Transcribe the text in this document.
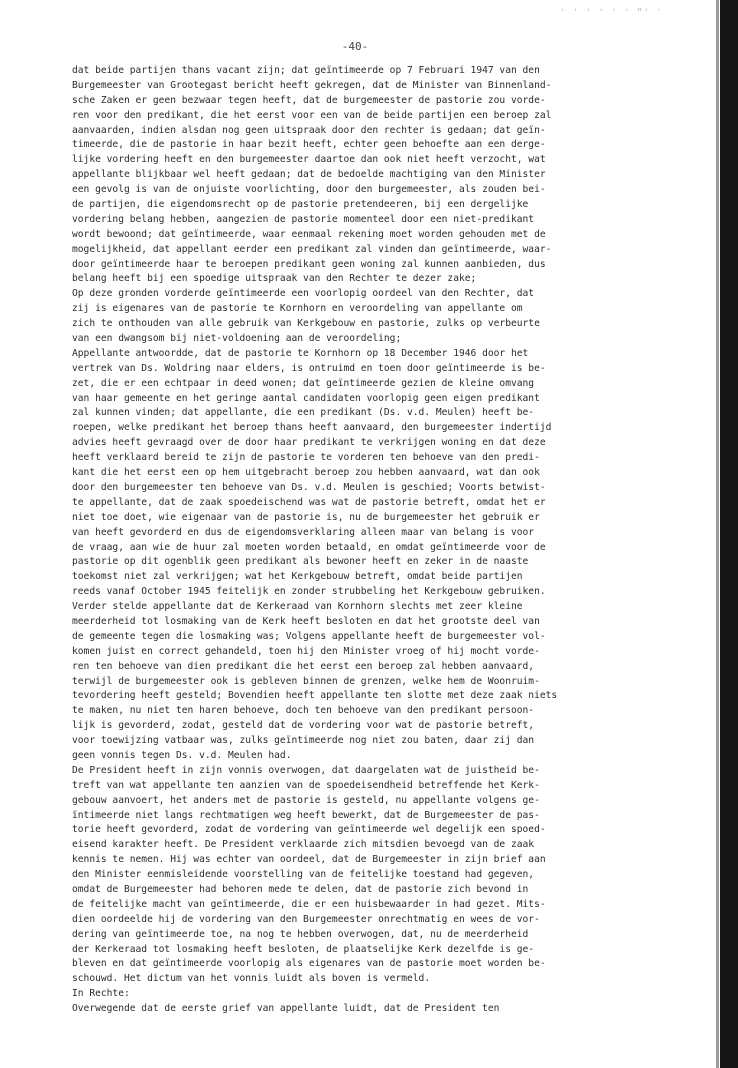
' ' ' ' ' ' “' '
-40-
dat beide partijen thans vacant zijn; dat geïntimeerde op 7 Februari 1947 van den
Burgemeester van Grootegast bericht heeft gekregen, dat de Minister van Binnenland-
sche Zaken er geen bezwaar tegen heeft, dat de burgemeester de pastorie zou vorde-
ren voor den predikant, die het eerst voor een van de beide partijen een beroep zal
aanvaarden, indien alsdan nog geen uitspraak door den rechter is gedaan; dat geïn-
timeerde, die de pastorie in haar bezit heeft, echter geen behoefte aan een derge-
lijke vordering heeft en den burgemeester daartoe dan ook niet heeft verzocht, wat
appellante blijkbaar wel heeft gedaan; dat de bedoelde machtiging van den Minister
een gevolg is van de onjuiste voorlichting, door den burgemeester, als zouden bei-
de partijen, die eigendomsrecht op de pastorie pretendeeren, bij een dergelijke
vordering belang hebben, aangezien de pastorie momenteel door een niet-predikant
wordt bewoond; dat geïntimeerde, waar eenmaal rekening moet worden gehouden met de
mogelijkheid, dat appellant eerder een predikant zal vinden dan geïntimeerde, waar-
door geïntimeerde haar te beroepen predikant geen woning zal kunnen aanbieden, dus
belang heeft bij een spoedige uitspraak van den Rechter te dezer zake;
Op deze gronden vorderde geïntimeerde een voorlopig oordeel van den Rechter, dat
zij is eigenares van de pastorie te Kornhorn en veroordeling van appellante om
zich te onthouden van alle gebruik van Kerkgebouw en pastorie, zulks op verbeurte
van een dwangsom bij niet-voldoening aan de veroordeling;
Appellante antwoordde, dat de pastorie te Kornhorn op 18 December 1946 door het
vertrek van Ds. Woldring naar elders, is ontruimd en toen door geïntimeerde is be-
zet, die er een echtpaar in deed wonen; dat geïntimeerde gezien de kleine omvang
van haar gemeente en het geringe aantal candidaten voorlopig geen eigen predikant
zal kunnen vinden; dat appellante, die een predikant (Ds. v.d. Meulen) heeft be-
roepen, welke predikant het beroep thans heeft aanvaard, den burgemeester indertijd
advies heeft gevraagd over de door haar predikant te verkrijgen woning en dat deze
heeft verklaard bereid te zijn de pastorie te vorderen ten behoeve van den predi-
kant die het eerst een op hem uitgebracht beroep zou hebben aanvaard, wat dan ook
door den burgemeester ten behoeve van Ds. v.d. Meulen is geschied; Voorts betwist-
te appellante, dat de zaak spoedeischend was wat de pastorie betreft, omdat het er
niet toe doet, wie eigenaar van de pastorie is, nu de burgemeester het gebruik er
van heeft gevorderd en dus de eigendomsverklaring alleen maar van belang is voor
de vraag, aan wie de huur zal moeten worden betaald, en omdat geïntimeerde voor de
pastorie op dit ogenblik geen predikant als bewoner heeft en zeker in de naaste
toekomst niet zal verkrijgen; wat het Kerkgebouw betreft, omdat beide partijen
reeds vanaf October 1945 feitelijk en zonder strubbeling het Kerkgebouw gebruiken.
Verder stelde appellante dat de Kerkeraad van Kornhorn slechts met zeer kleine
meerderheid tot losmaking van de Kerk heeft besloten en dat het grootste deel van
de gemeente tegen die losmaking was; Volgens appellante heeft de burgemeester vol-
komen juist en correct gehandeld, toen hij den Minister vroeg of hij mocht vorde-
ren ten behoeve van dien predikant die het eerst een beroep zal hebben aanvaard,
terwijl de burgemeester ook is gebleven binnen de grenzen, welke hem de Woonruim-
tevordering heeft gesteld; Bovendien heeft appellante ten slotte met deze zaak niets
te maken, nu niet ten haren behoeve, doch ten behoeve van den predikant persoon-
lijk is gevorderd, zodat, gesteld dat de vordering voor wat de pastorie betreft,
voor toewijzing vatbaar was, zulks geïntimeerde nog niet zou baten, daar zij dan
geen vonnis tegen Ds. v.d. Meulen had.
De President heeft in zijn vonnis overwogen, dat daargelaten wat de juistheid be-
treft van wat appellante ten aanzien van de spoedeisendheid betreffende het Kerk-
gebouw aanvoert, het anders met de pastorie is gesteld, nu appellante volgens ge-
ïntimeerde niet langs rechtmatigen weg heeft bewerkt, dat de Burgemeester de pas-
torie heeft gevorderd, zodat de vordering van geïntimeerde wel degelijk een spoed-
eisend karakter heeft. De President verklaarde zich mitsdien bevoegd van de zaak
kennis te nemen. Hij was echter van oordeel, dat de Burgemeester in zijn brief aan
den Minister eenmisleidende voorstelling van de feitelijke toestand had gegeven,
omdat de Burgemeester had behoren mede te delen, dat de pastorie zich bevond in
de feitelijke macht van geïntimeerde, die er een huisbewaarder in had gezet. Mits-
dien oordeelde hij de vordering van den Burgemeester onrechtmatig en wees de vor-
dering van geïntimeerde toe, na nog te hebben overwogen, dat, nu de meerderheid
der Kerkeraad tot losmaking heeft besloten, de plaatselijke Kerk dezelfde is ge-
bleven en dat geïntimeerde voorlopig als eigenares van de pastorie moet worden be-
schouwd. Het dictum van het vonnis luidt als boven is vermeld.
In Rechte:
Overwegende dat de eerste grief van appellante luidt, dat de President ten
